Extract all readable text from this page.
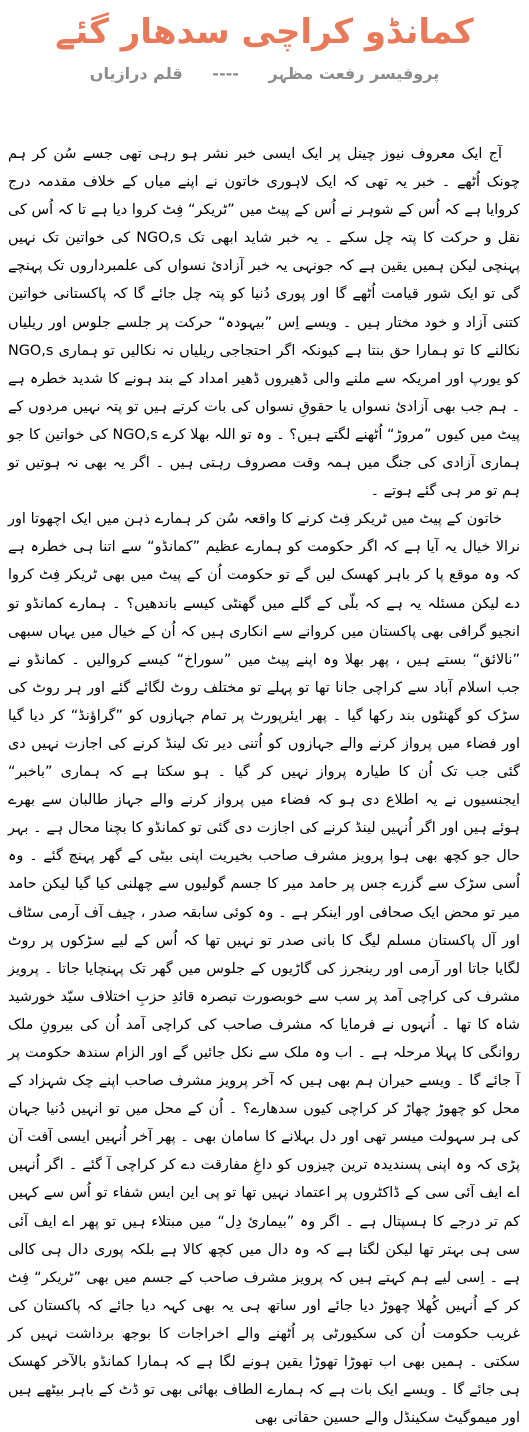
کمانڈو کراچی سدھار گئے
پروفیسر رفعت مظہر ---- قلم درازیاں

آج ایک معروف نیوز چینل پر ایک ایسی خبر نشر ہو رہی تھی جسے سُن کر ہم چونک اُٹھے ۔ خبر یہ تھی کہ ایک لاہوری خاتون نے اپنے میاں کے خلاف مقدمہ درج کروایا ہے کہ اُس کے شوہر نے اُس کے پیٹ میں ”ٹریکر“ فِٹ کروا دیا ہے تا کہ اُس کی نقل و حرکت کا پتہ چل سکے ۔ یہ خبر شاید ابھی تک NGO,s کی خواتین تک نہیں پہنچی لیکن ہمیں یقین ہے کہ جونہی یہ خبر آزادیٔ نسواں کی علمبرداروں تک پہنچے گی تو ایک شور قیامت اُٹھے گا اور پوری دُنیا کو پتہ چل جائے گا کہ پاکستانی خواتین کتنی آزاد و خود مختار ہیں ۔ ویسے اِس ”بیہودہ“ حرکت پر جلسے جلوس اور ریلیاں نکالنے کا تو ہمارا حق بنتا ہے کیونکہ اگر احتجاجی ریلیاں نہ نکالیں تو ہماری NGO,s کو یورپ اور امریکہ سے ملنے والی ڈھیروں ڈھیر امداد کے بند ہونے کا شدید خطرہ ہے ۔ ہم جب بھی آزادیٔ نسواں یا حقوقِ نسواں کی بات کرتے ہیں تو پتہ نہیں مردوں کے پیٹ میں کیوں ”مروڑ“ اُٹھنے لگتے ہیں؟ ۔ وہ تو اللہ بھلا کرے NGO,s کی خواتین کا جو ہماری آزادی کی جنگ میں ہمہ وقت مصروف رہتی ہیں ۔ اگر یہ بھی نہ ہوتیں تو ہم تو مر ہی گئے ہوتے ۔

خاتون کے پیٹ میں ٹریکر فِٹ کرنے کا واقعہ سُن کر ہمارے ذہن میں ایک اچھوتا اور نرالا خیال یہ آیا ہے کہ اگر حکومت کو ہمارے عظیم ”کمانڈو“ سے اتنا ہی خطرہ ہے کہ وہ موقع پا کر باہر کھسک لیں گے تو حکومت اُن کے پیٹ میں بھی ٹریکر فِٹ کروا دے لیکن مسئلہ یہ ہے کہ بلّی کے گلے میں گھنٹی کیسے باندھیں؟ ۔ ہمارے کمانڈو تو انجیو گرافی بھی پاکستان میں کروانے سے انکاری ہیں کہ اُن کے خیال میں یہاں سبھی ”نالائق“ بستے ہیں ، پھر بھلا وہ اپنے پیٹ میں ”سوراخ“ کیسے کروالیں ۔ کمانڈو نے جب اسلام آباد سے کراچی جانا تھا تو پہلے تو مختلف روٹ لگائے گئے اور ہر روٹ کی سڑک کو گھنٹوں بند رکھا گیا ۔ پھر ایئرپورٹ پر تمام جہازوں کو ”گراؤنڈ“ کر دیا گیا اور فضاء میں پرواز کرنے والے جہازوں کو اُتنی دیر تک لینڈ کرنے کی اجازت نہیں دی گئی جب تک اُن کا طیارہ پرواز نہیں کر گیا ۔ ہو سکتا ہے کہ ہماری ”باخبر“ ایجنسیوں نے یہ اطلاع دی ہو کہ فضاء میں پرواز کرنے والے جہاز طالبان سے بھرے ہوئے ہیں اور اگر اُنہیں لینڈ کرنے کی اجازت دی گئی تو کمانڈو کا بچنا محال ہے ۔ بہر حال جو کچھ بھی ہوا پرویز مشرف صاحب بخیریت اپنی بیٹی کے گھر پہنچ گئے ۔ وہ اُسی سڑک سے گزرے جس پر حامد میر کا جسم گولیوں سے چھلنی کیا گیا لیکن حامد میر تو محض ایک صحافی اور اینکر ہے ۔ وہ کوئی سابقہ صدر ، چیف آف آرمی سٹاف اور آل پاکستان مسلم لیگ کا بانی صدر تو نہیں تھا کہ اُس کے لیے سڑکوں پر روٹ لگایا جاتا اور آرمی اور رینجرز کی گاڑیوں کے جلوس میں گھر تک پہنچایا جاتا ۔ پرویز مشرف کی کراچی آمد پر سب سے خوبصورت تبصرہ قائدِ حزبِ اختلاف سیّد خورشید شاہ کا تھا ۔ اُنہوں نے فرمایا کہ مشرف صاحب کی کراچی آمد اُن کی بیرونِ ملک روانگی کا پہلا مرحلہ ہے ۔ اب وہ ملک سے نکل جائیں گے اور الزام سندھ حکومت پر آ جائے گا ۔ ویسے حیران ہم بھی ہیں کہ آخر پرویز مشرف صاحب اپنے چک شہزاد کے محل کو چھوڑ چھاڑ کر کراچی کیوں سدھارے؟ ۔ اُن کے محل میں تو انہیں دُنیا جہان کی ہر سہولت میسر تھی اور دل بہلانے کا سامان بھی ۔ پھر آخر اُنہیں ایسی آفت آن پڑی کہ وہ اپنی پسندیدہ ترین چیزوں کو داغِ مفارقت دے کر کراچی آ گئے ۔ اگر اُنہیں اے ایف آئی سی کے ڈاکٹروں پر اعتماد نہیں تھا تو پی این ایس شفاء تو اُس سے کہیں کم تر درجے کا ہسپتال ہے ۔ اگر وہ ”بیماریٔ دِل“ میں مبتلاء ہیں تو پھر اے ایف آئی سی ہی بہتر تھا لیکن لگتا ہے کہ وہ دال میں کچھ کالا ہے بلکہ پوری دال ہی کالی ہے ۔ اِسی لیے ہم کہتے ہیں کہ پرویز مشرف صاحب کے جسم میں بھی ”ٹریکر“ فِٹ کر کے اُنہیں کُھلا چھوڑ دیا جائے اور ساتھ ہی یہ بھی کہہ دیا جائے کہ پاکستان کی غریب حکومت اُن کی سکیورٹی پر اُٹھنے والے اخراجات کا بوجھ برداشت نہیں کر سکتی ۔ ہمیں بھی اب تھوڑا تھوڑا یقین ہونے لگا ہے کہ ہمارا کمانڈو بالآخر کھسک ہی جائے گا ۔ ویسے ایک بات ہے کہ ہمارے الطاف بھائی بھی تو ڈٹ کے باہر بیٹھے ہیں اور میموگیٹ سکینڈل والے حسین حقانی بھی
